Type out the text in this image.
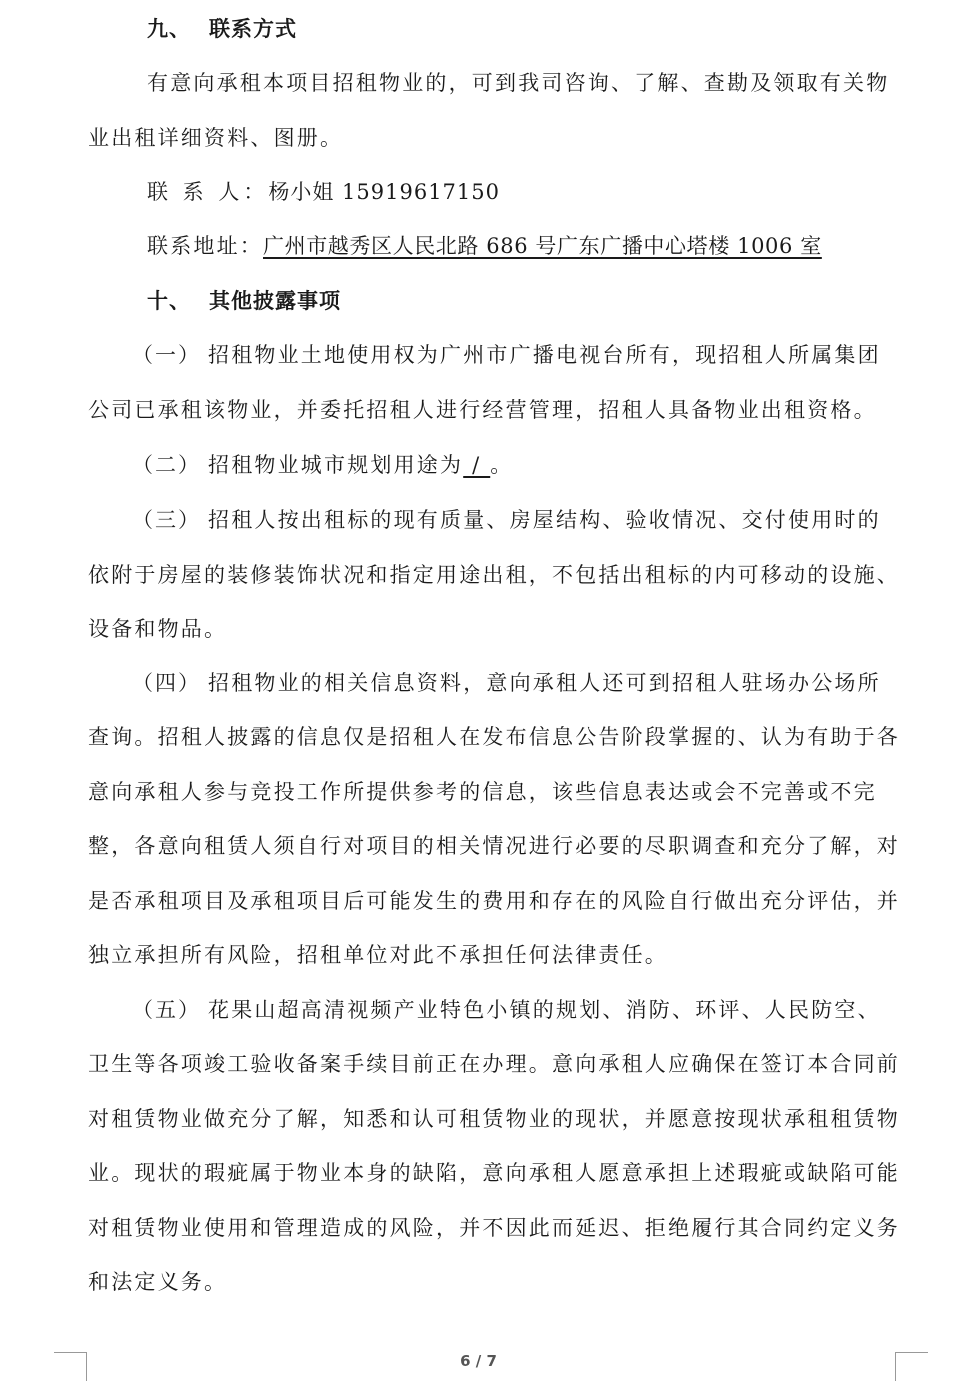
九、 联系方式
有意向承租本项目招租物业的，可到我司咨询、了解、查勘及领取有关物
业出租详细资料、图册。
联 系 人：杨小姐 15919617150
联系地址：广州市越秀区人民北路 686 号广东广播中心塔楼 1006 室
十、 其他披露事项
（一） 招租物业土地使用权为广州市广播电视台所有，现招租人所属集团
公司已承租该物业，并委托招租人进行经营管理，招租人具备物业出租资格。
（二） 招租物业城市规划用途为 / 。
（三） 招租人按出租标的现有质量、房屋结构、验收情况、交付使用时的
依附于房屋的装修装饰状况和指定用途出租，不包括出租标的内可移动的设施、
设备和物品。
（四） 招租物业的相关信息资料，意向承租人还可到招租人驻场办公场所
查询。招租人披露的信息仅是招租人在发布信息公告阶段掌握的、认为有助于各
意向承租人参与竞投工作所提供参考的信息，该些信息表达或会不完善或不完
整，各意向租赁人须自行对项目的相关情况进行必要的尽职调查和充分了解，对
是否承租项目及承租项目后可能发生的费用和存在的风险自行做出充分评估，并
独立承担所有风险，招租单位对此不承担任何法律责任。
（五） 花果山超高清视频产业特色小镇的规划、消防、环评、人民防空、
卫生等各项竣工验收备案手续目前正在办理。意向承租人应确保在签订本合同前
对租赁物业做充分了解，知悉和认可租赁物业的现状，并愿意按现状承租租赁物
业。现状的瑕疵属于物业本身的缺陷，意向承租人愿意承担上述瑕疵或缺陷可能
对租赁物业使用和管理造成的风险，并不因此而延迟、拒绝履行其合同约定义务
和法定义务。
6 / 7
